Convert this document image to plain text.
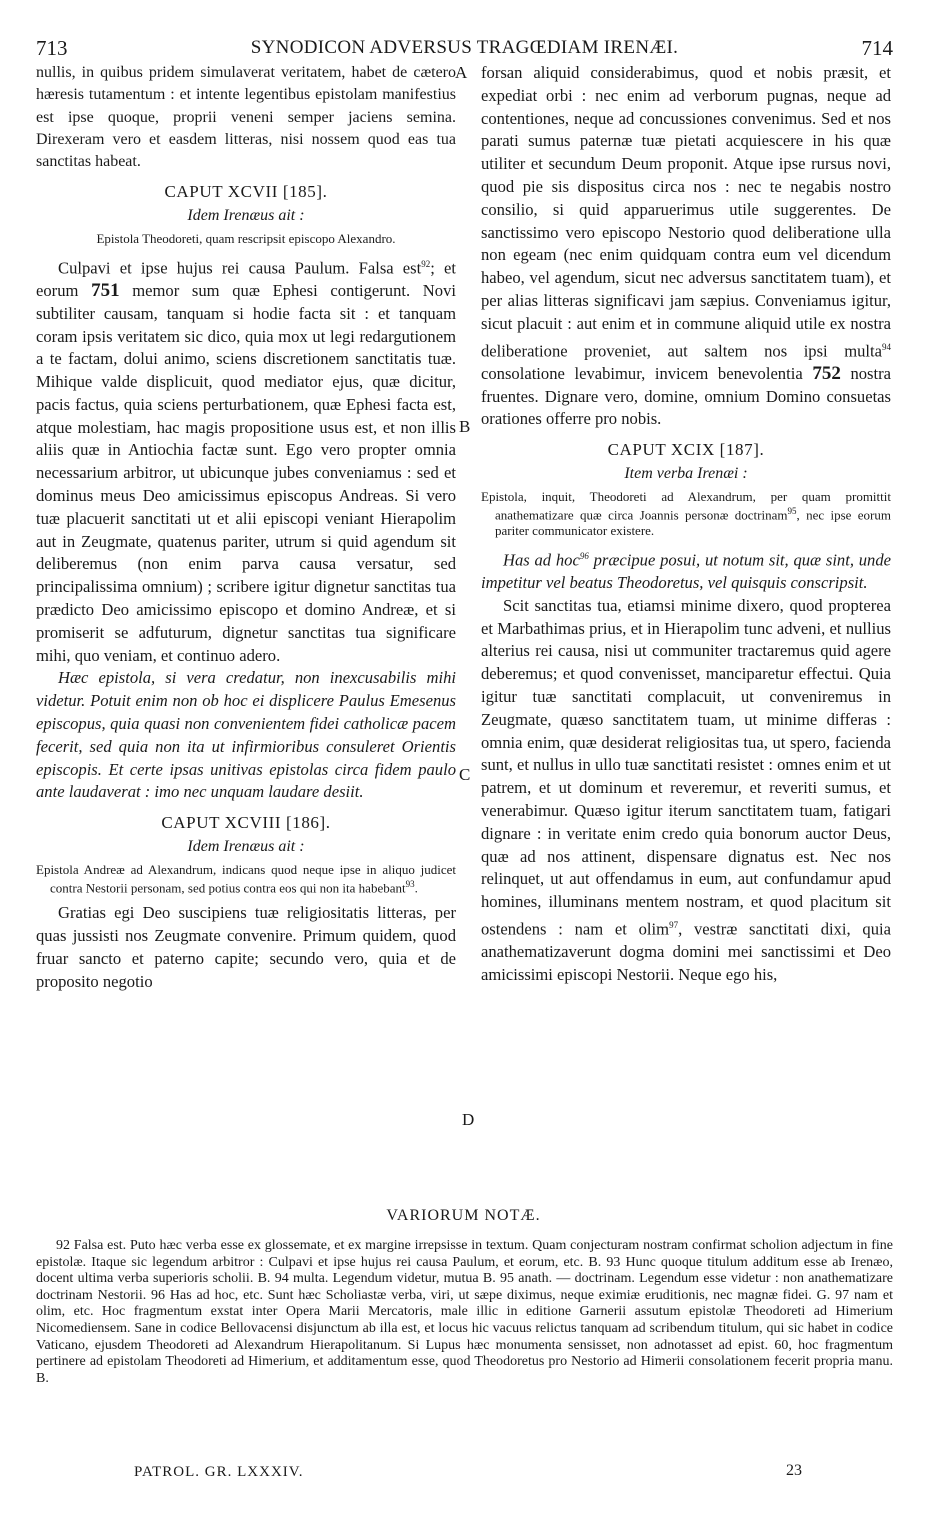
713	SYNODICON ADVERSUS TRAGŒDIAM IRENÆI.	714
A
B
C
D

nullis, in quibus pridem simulaverat veritatem, habet de cætero hæresis tutamentum : et intente legentibus epistolam manifestius est ipse quoque, proprii veneni semper jaciens semina. Direxeram vero et easdem litteras, nisi nossem quod eas tua sanctitas habeat.

CAPUT XCVII [185].
Idem Irenæus ait :
Epistola Theodoreti, quam rescripsit episcopo Alexandro.

Culpavi et ipse hujus rei causa Paulum. Falsa est$^{92}$; et eorum 751 memor sum quæ Ephesi contigerunt. Novi subtiliter causam, tanquam si hodie facta sit : et tanquam coram ipsis veritatem sic dico, quia mox ut legi redargutionem a te factam, dolui animo, sciens discretionem sanctitatis tuæ. Mihique valde displicuit, quod mediator ejus, quæ dicitur, pacis factus, quia sciens perturbationem, quæ Ephesi facta est, atque molestiam, hac magis propositione usus est, et non illis aliis quæ in Antiochia factæ sunt. Ego vero propter omnia necessarium arbitror, ut ubicunque jubes conveniamus : sed et dominus meus Deo amicissimus episcopus Andreas. Si vero tuæ placuerit sanctitati ut et alii episcopi veniant Hierapolim aut in Zeugmate, quatenus pariter, utrum si quid agendum sit deliberemus (non enim parva causa versatur, sed principalissima omnium) ; scribere igitur dignetur sanctitas tua prædicto Deo amicissimo episcopo et domino Andreæ, et si promiserit se adfuturum, dignetur sanctitas tua significare mihi, quo veniam, et continuo adero.

Hæc epistola, si vera credatur, non inexcusabilis mihi videtur. Potuit enim non ob hoc ei displicere Paulus Emesenus episcopus, quia quasi non convenientem fidei catholicæ pacem fecerit, sed quia non ita ut infirmioribus consuleret Orientis episcopis. Et certe ipsas unitivas epistolas circa fidem paulo ante laudaverat : imo nec unquam laudare desiit.

CAPUT XCVIII [186].
Idem Irenæus ait :
Epistola Andreæ ad Alexandrum, indicans quod neque ipse in aliquo judicet contra Nestorii personam, sed potius contra eos qui non ita habebant$^{93}$.

Gratias egi Deo suscipiens tuæ religiositatis litteras, per quas jussisti nos Zeugmate convenire. Primum quidem, quod fruar sancto et paterno capite; secundo vero, quia et de proposito negotio

forsan aliquid considerabimus, quod et nobis præsit, et expediat orbi : nec enim ad verborum pugnas, neque ad contentiones, neque ad concussiones convenimus. Sed et nos parati sumus paternæ tuæ pietati acquiescere in his quæ utiliter et secundum Deum proponit. Atque ipse rursus novi, quod pie sis dispositus circa nos : nec te negabis nostro consilio, si quid apparuerimus utile suggerentes. De sanctissimo vero episcopo Nestorio quod deliberatione ulla non egeam (nec enim quidquam contra eum vel dicendum habeo, vel agendum, sicut nec adversus sanctitatem tuam), et per alias litteras significavi jam sæpius. Conveniamus igitur, sicut placuit : aut enim et in commune aliquid utile ex nostra deliberatione proveniet, aut saltem nos ipsi multa$^{94}$ consolatione levabimur, invicem benevolentia 752 nostra fruentes. Dignare vero, domine, omnium Domino consuetas orationes offerre pro nobis.

CAPUT XCIX [187].
Item verba Irenæi :
Epistola, inquit, Theodoreti ad Alexandrum, per quam promittit anathematizare quæ circa Joannis personæ doctrinam$^{95}$, nec ipse eorum pariter communicator existere.

Has ad hoc$^{96}$ præcipue posui, ut notum sit, quæ sint, unde impetitur vel beatus Theodoretus, vel quisquis conscripsit.

Scit sanctitas tua, etiamsi minime dixero, quod propterea et Marbathimas prius, et in Hierapolim tunc adveni, et nullius alterius rei causa, nisi ut communiter tractaremus quid agere deberemus; et quod convenisset, manciparetur effectui. Quia igitur tuæ sanctitati complacuit, ut conveniremus in Zeugmate, quæso sanctitatem tuam, ut minime differas : omnia enim, quæ desiderat religiositas tua, ut spero, facienda sunt, et nullus in ullo tuæ sanctitati resistet : omnes enim et ut patrem, et ut dominum et reveremur, et reveriti sumus, et venerabimur. Quæso igitur iterum sanctitatem tuam, fatigari dignare : in veritate enim credo quia bonorum auctor Deus, quæ ad nos attinent, dispensare dignatus est. Nec nos relinquet, ut aut offendamus in eum, aut confundamur apud homines, illuminans mentem nostram, et quod placitum sit ostendens : nam et olim$^{97}$, vestræ sanctitati dixi, quia anathematizaverunt dogma domini mei sanctissimi et Deo amicissimi episcopi Nestorii. Neque ego his,

VARIORUM NOTÆ.
92 Falsa est. Puto hæc verba esse ex glossemate, et ex margine irrepsisse in textum. Quam conjecturam nostram confirmat scholion adjectum in fine epistolæ. Itaque sic legendum arbitror : Culpavi et ipse hujus rei causa Paulum, et eorum, etc. B. 93 Hunc quoque titulum additum esse ab Irenæo, docent ultima verba superioris scholii. B. 94 multa. Legendum videtur, mutua B. 95 anath. — doctrinam. Legendum esse videtur : non anathematizare doctrinam Nestorii. 96 Has ad hoc, etc. Sunt hæc Scholiastæ verba, viri, ut sæpe diximus, neque eximiæ eruditionis, nec magnæ fidei. G. 97 nam et olim, etc. Hoc fragmentum exstat inter Opera Marii Mercatoris, male illic in editione Garnerii assutum epistolæ Theodoreti ad Himerium Nicomediensem. Sane in codice Bellovacensi disjunctum ab illa est, et locus hic vacuus relictus tanquam ad scribendum titulum, qui sic habet in codice Vaticano, ejusdem Theodoreti ad Alexandrum Hierapolitanum. Si Lupus hæc monumenta sensisset, non adnotasset ad epist. 60, hoc fragmentum pertinere ad epistolam Theodoreti ad Himerium, et additamentum esse, quod Theodoretus pro Nestorio ad Himerii consolationem fecerit propria manu. B.
PATROL. GR. LXXXIV.	23
